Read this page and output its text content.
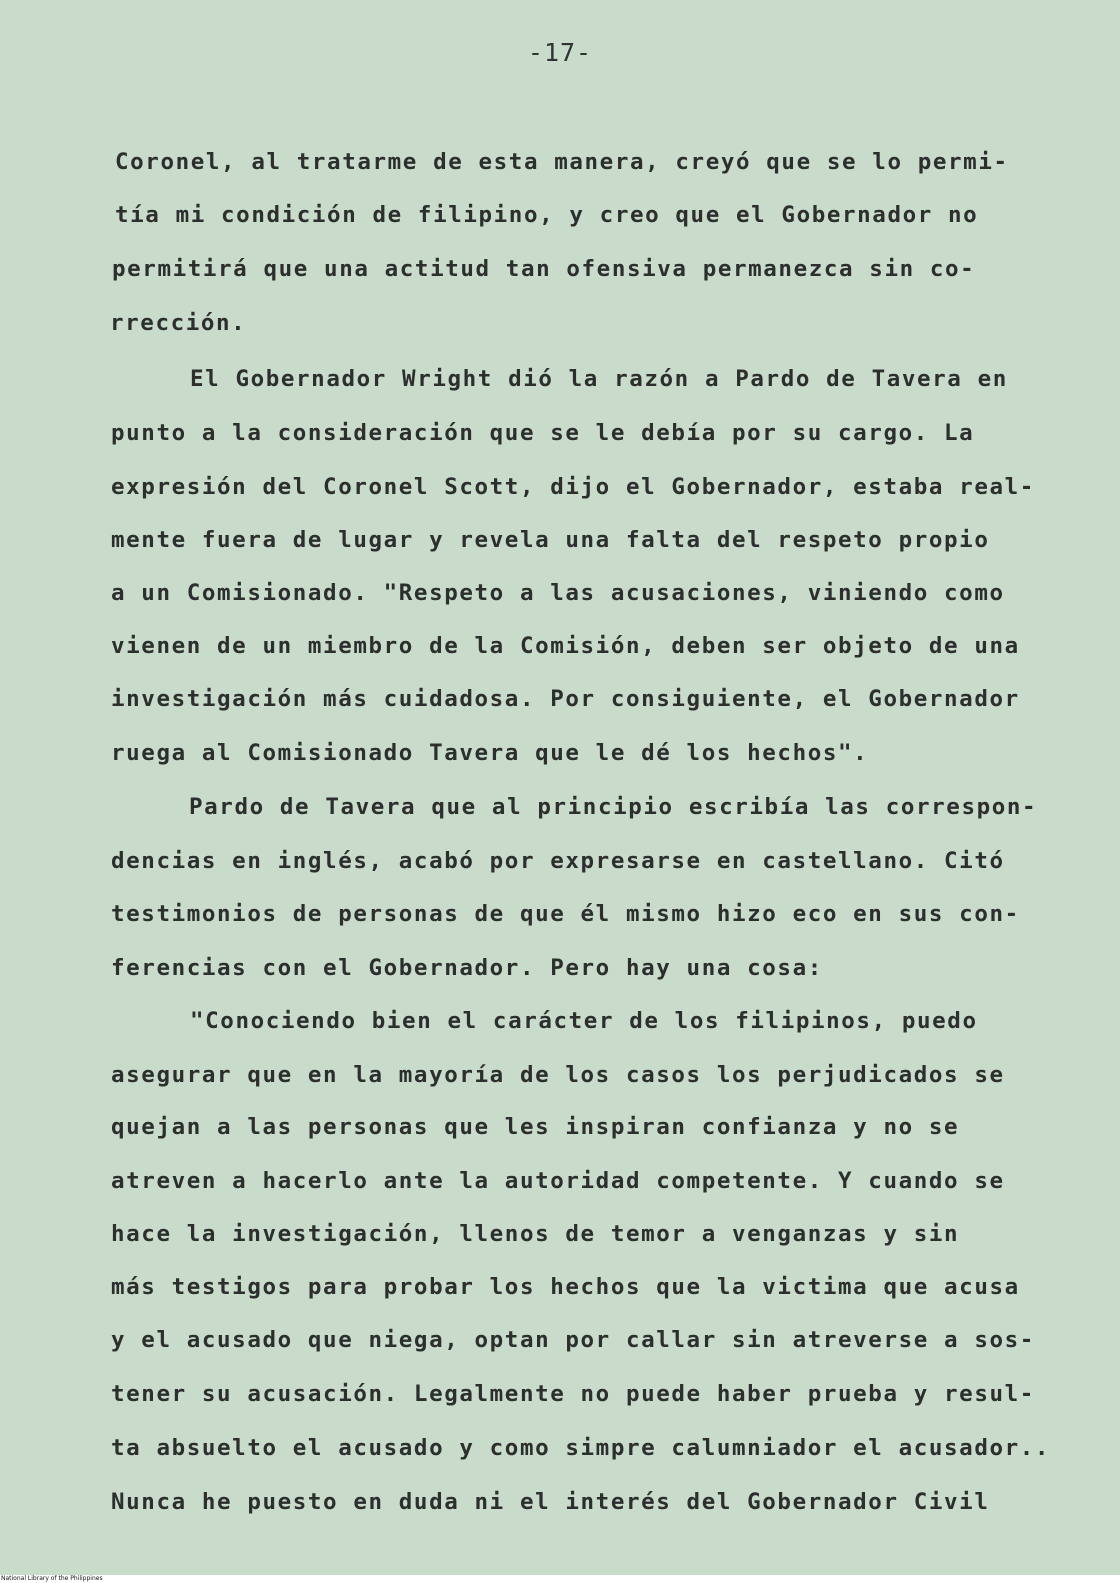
-17-
Coronel, al tratarme de esta manera, creyó que se lo permi-
tía mi condición de filipino, y creo que el Gobernador no
permitirá que una actitud tan ofensiva permanezca sin co-
rrección.
El Gobernador Wright dió la razón a Pardo de Tavera en
punto a la consideración que se le debía por su cargo. La
expresión del Coronel Scott, dijo el Gobernador, estaba real-
mente fuera de lugar y revela una falta del respeto propio
a un Comisionado. "Respeto a las acusaciones, viniendo como
vienen de un miembro de la Comisión, deben ser objeto de una
investigación más cuidadosa. Por consiguiente, el Gobernador
ruega al Comisionado Tavera que le dé los hechos".
Pardo de Tavera que al principio escribía las correspon-
dencias en inglés, acabó por expresarse en castellano. Citó
testimonios de personas de que él mismo hizo eco en sus con-
ferencias con el Gobernador. Pero hay una cosa:
"Conociendo bien el carácter de los filipinos, puedo
asegurar que en la mayoría de los casos los perjudicados se
quejan a las personas que les inspiran confianza y no se
atreven a hacerlo ante la autoridad competente. Y cuando se
hace la investigación, llenos de temor a venganzas y sin
más testigos para probar los hechos que la victima que acusa
y el acusado que niega, optan por callar sin atreverse a sos-
tener su acusación. Legalmente no puede haber prueba y resul-
ta absuelto el acusado y como simpre calumniador el acusador..
Nunca he puesto en duda ni el interés del Gobernador Civil
National Library of the Philippines
